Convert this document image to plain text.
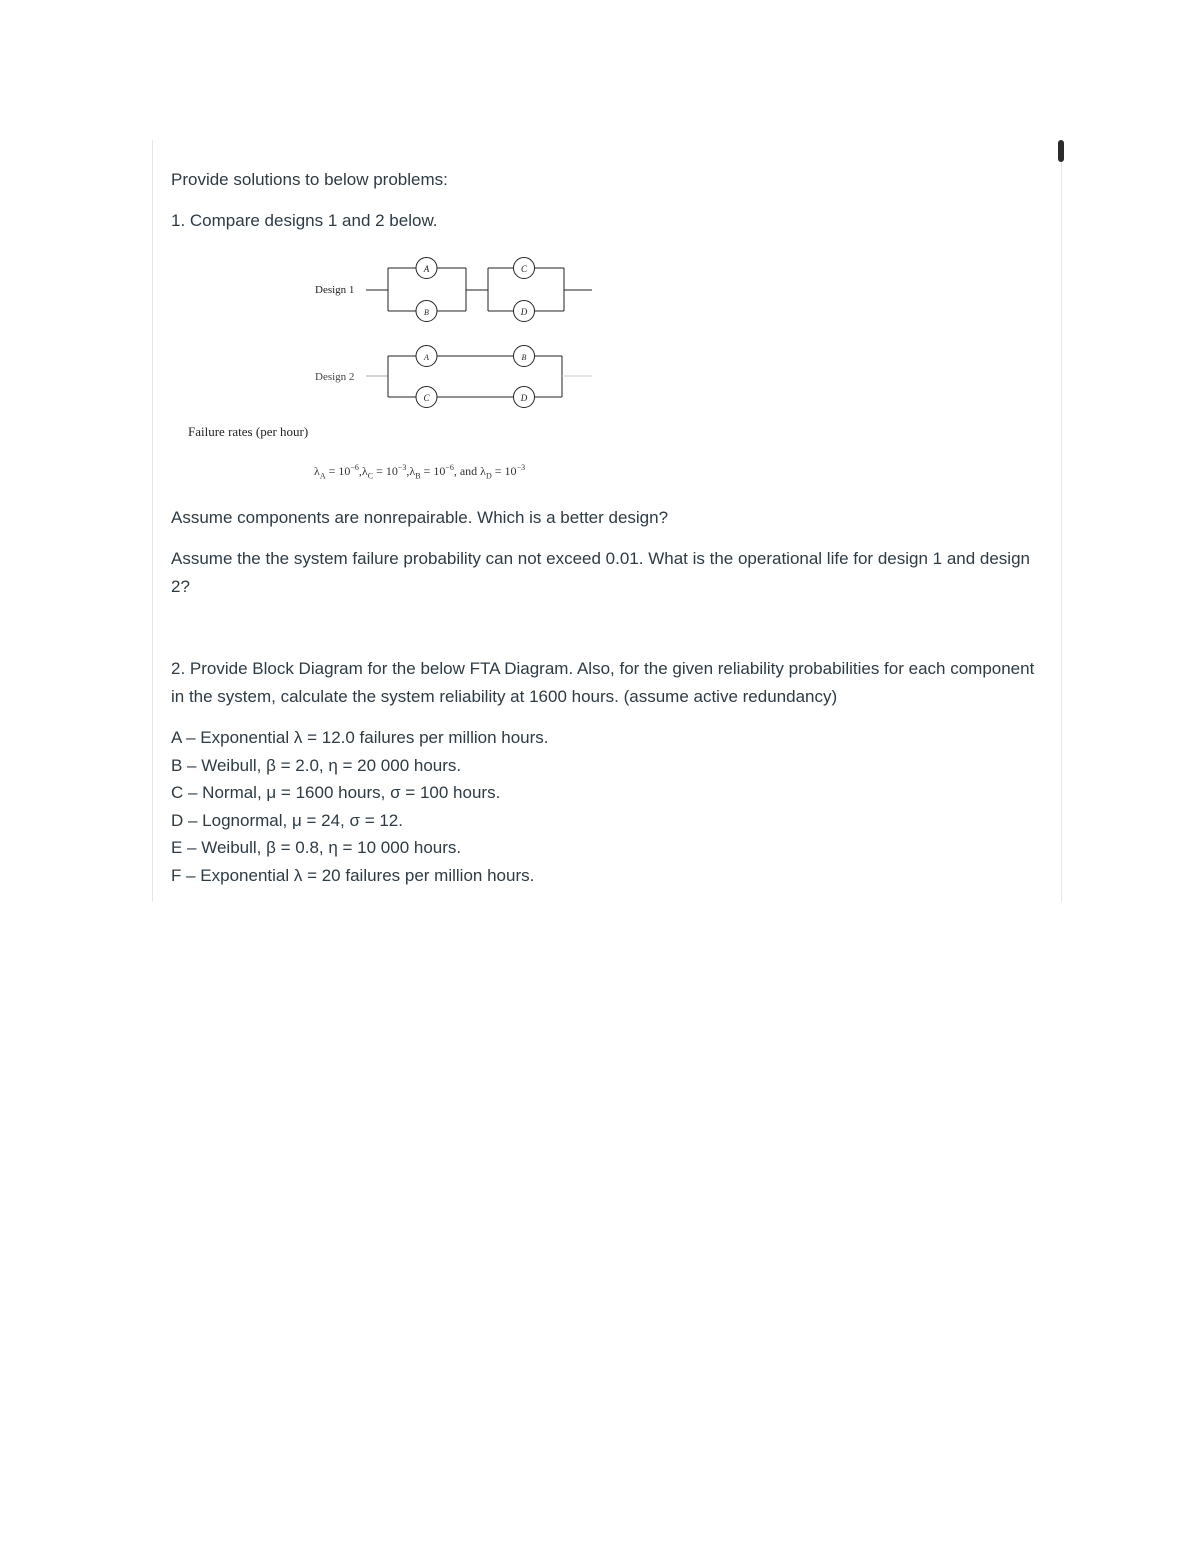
Provide solutions to below problems:
1. Compare designs 1 and 2 below.
A
B
C
D
A
C
B
D
Design 1
Design 2
Failure rates (per hour)
$\lambda_A = 10^{-6},\lambda_C = 10^{-3},\lambda_B = 10^{-6}$, and $\lambda_D = 10^{-3}$
Assume components are nonrepairable. Which is a better design?
Assume the the system failure probability can not exceed 0.01. What is the operational life for design 1 and design 2?
2. Provide Block Diagram for the below FTA Diagram. Also, for the given reliability probabilities for each component in the system, calculate the system reliability at 1600 hours. (assume active redundancy)
A – Exponential λ = 12.0 failures per million hours.
B – Weibull, β = 2.0, η = 20 000 hours.
C – Normal, μ = 1600 hours, σ = 100 hours.
D – Lognormal, μ = 24, σ = 12.
E – Weibull, β = 0.8, η = 10 000 hours.
F – Exponential λ = 20 failures per million hours.
